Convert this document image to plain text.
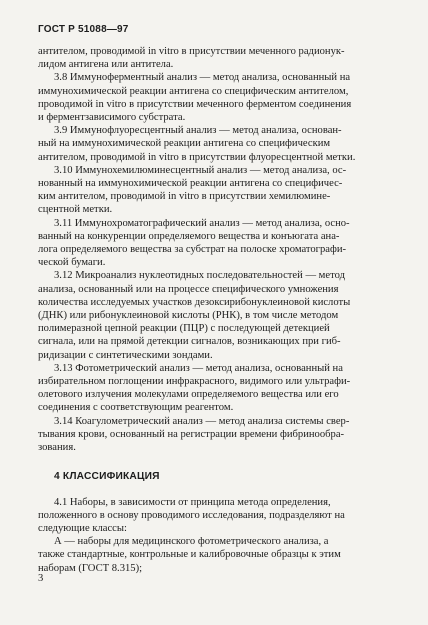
ГОСТ Р 51088—97

антителом, проводимой in vitro в присутствии меченного радионук-
лидом антигена или антитела.

3.8 Иммуноферментный анализ — метод анализа, основанный на
иммунохимической реакции антигена со специфическим антителом,
проводимой in vitro в присутствии меченного ферментом соединения
и ферментзависимого субстрата.

3.9 Иммунофлуоресцентный анализ — метод анализа, основан-
ный на иммунохимической реакции антигена со специфическим
антителом, проводимой in vitro в присутствии флуоресцентной метки.

3.10 Иммунохемилюминесцентный анализ — метод анализа, ос-
нованный на иммунохимической реакции антигена со специфичес-
ким антителом, проводимой in vitro в присутствии хемилюмине-
сцентной метки.

3.11 Иммунохроматографический анализ — метод анализа, осно-
ванный на конкуренции определяемого вещества и конъюгата ана-
лога определяемого вещества за субстрат на полоске хроматографи-
ческой бумаги.

3.12 Микроанализ нуклеотидных последовательностей — метод
анализа, основанный или на процессе специфического умножения
количества исследуемых участков дезоксирибонуклеиновой кислоты
(ДНК) или рибонуклеиновой кислоты (РНК), в том числе методом
полимеразной цепной реакции (ПЦР) с последующей детекцией
сигнала, или на прямой детекции сигналов, возникающих при гиб-
ридизации с синтетическими зондами.

3.13 Фотометрический анализ — метод анализа, основанный на
избирательном поглощении инфракрасного, видимого или ультрафи-
олетового излучения молекулами определяемого вещества или его
соединения с соответствующим реагентом.

3.14 Коагулометрический анализ — метод анализа системы свер-
тывания крови, основанный на регистрации времени фибринообра-
зования.

4 КЛАССИФИКАЦИЯ

4.1 Наборы, в зависимости от принципа метода определения,
положенного в основу проводимого исследования, подразделяют на
следующие классы:

А — наборы для медицинского фотометрического анализа, а
также стандартные, контрольные и калибровочные образцы к этим
наборам (ГОСТ 8.315);

3
